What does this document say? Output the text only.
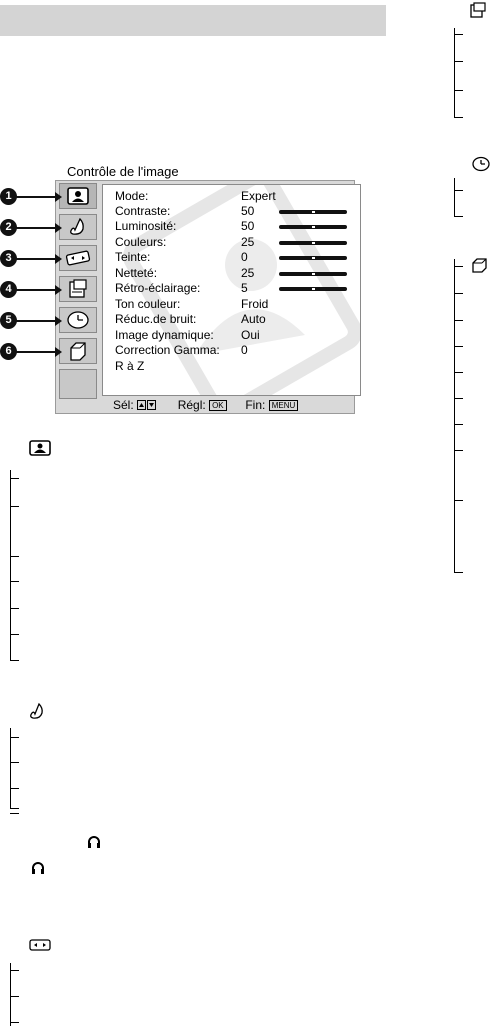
Contrôle de l'image
1
2
3
4
5
6
Mode:	Expert
Contraste:	50
Luminosité:	50
Couleurs:	25
Teinte:	0
Netteté:	25
Rétro-éclairage:	5
Ton couleur:	Froid
Réduc.de bruit:	Auto
Image dynamique: Oui
Correction Gamma: 0
R à Z
Sél:	Régl: OK Fin: MENU
